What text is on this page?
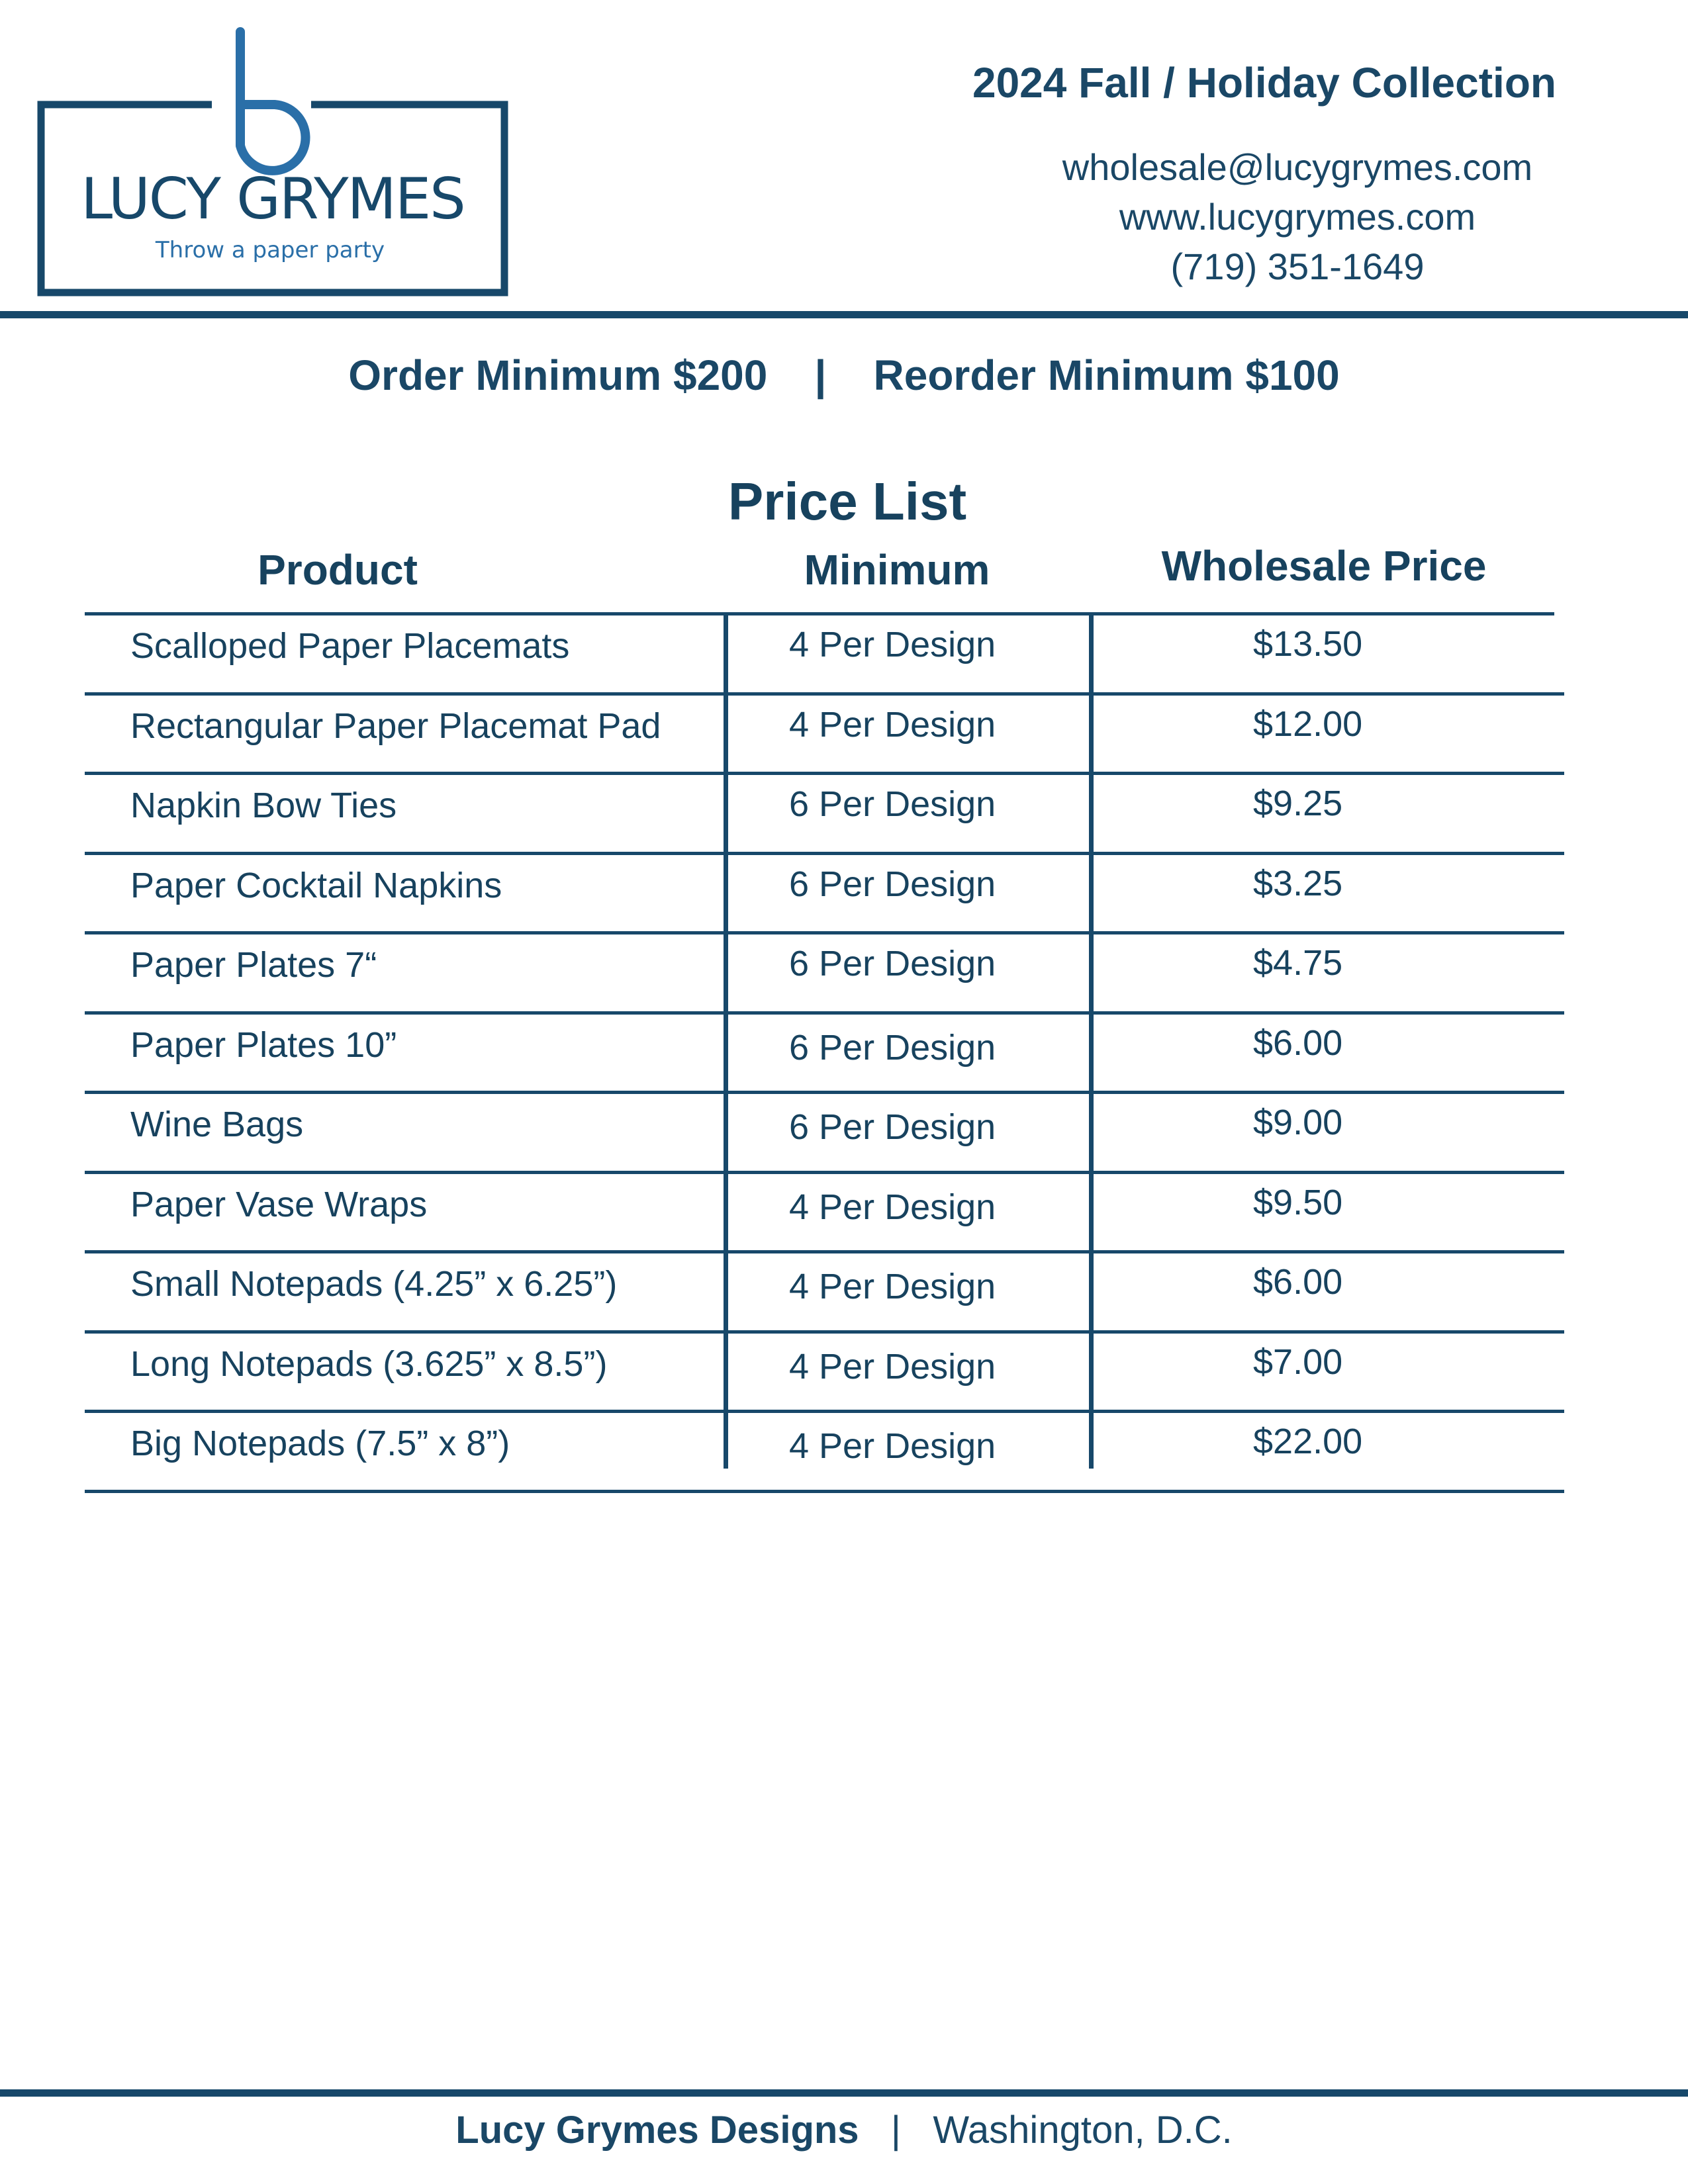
LUCY GRYMES
Throw a paper party
2024 Fall / Holiday Collection
wholesale@lucygrymes.com
www.lucygrymes.com
(719) 351-1649
Order Minimum $200 | Reorder Minimum $100
Price List
Product	Minimum	Wholesale Price
Scalloped Paper Placemats	4 Per Design	$13.50
Rectangular Paper Placemat Pad	4 Per Design	$12.00
Napkin Bow Ties	6 Per Design	$9.25
Paper Cocktail Napkins	6 Per Design	$3.25
Paper Plates 7“	6 Per Design	$4.75
Paper Plates 10”	6 Per Design	$6.00
Wine Bags	6 Per Design	$9.00
Paper Vase Wraps	4 Per Design	$9.50
Small Notepads (4.25” x 6.25”)	4 Per Design	$6.00
Long Notepads (3.625” x 8.5”)	4 Per Design	$7.00
Big Notepads (7.5” x 8”)	4 Per Design	$22.00
Lucy Grymes Designs | Washington, D.C.
